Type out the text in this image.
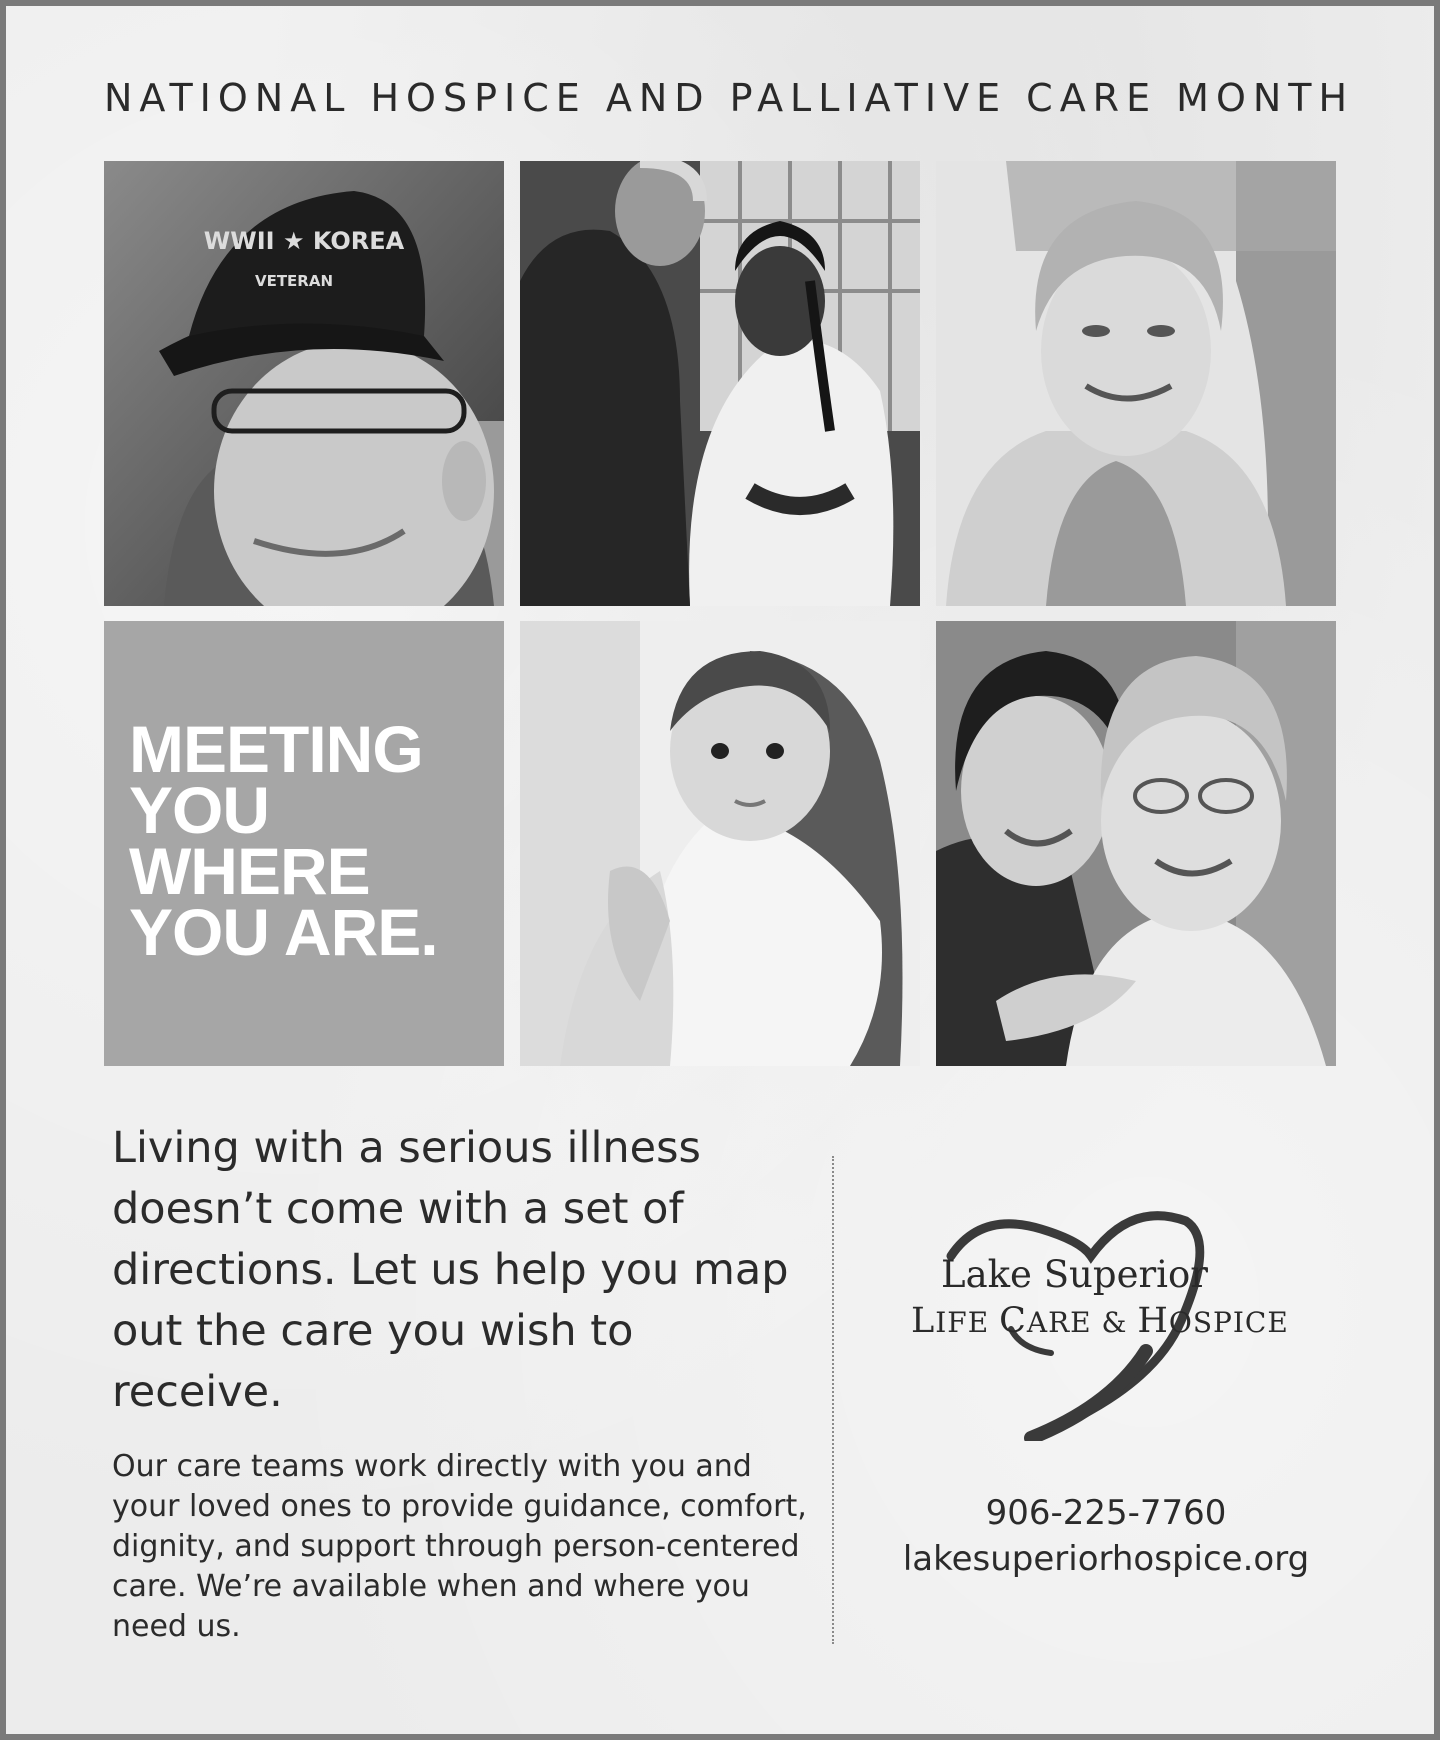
NATIONAL HOSPICE AND PALLIATIVE CARE MONTH
WWII ★ KOREA
VETERAN
MEETING
YOU
WHERE
YOU ARE.
Living with a serious illness doesn’t come with a set of directions. Let us help you map out the care you wish to receive.
Our care teams work directly with you and your loved ones to provide guidance, comfort, dignity, and support through person-centered care. We’re available when and where you need us.
Lake Superior
LIFE CARE & HOSPICE
906-225-7760
lakesuperiorhospice.org
